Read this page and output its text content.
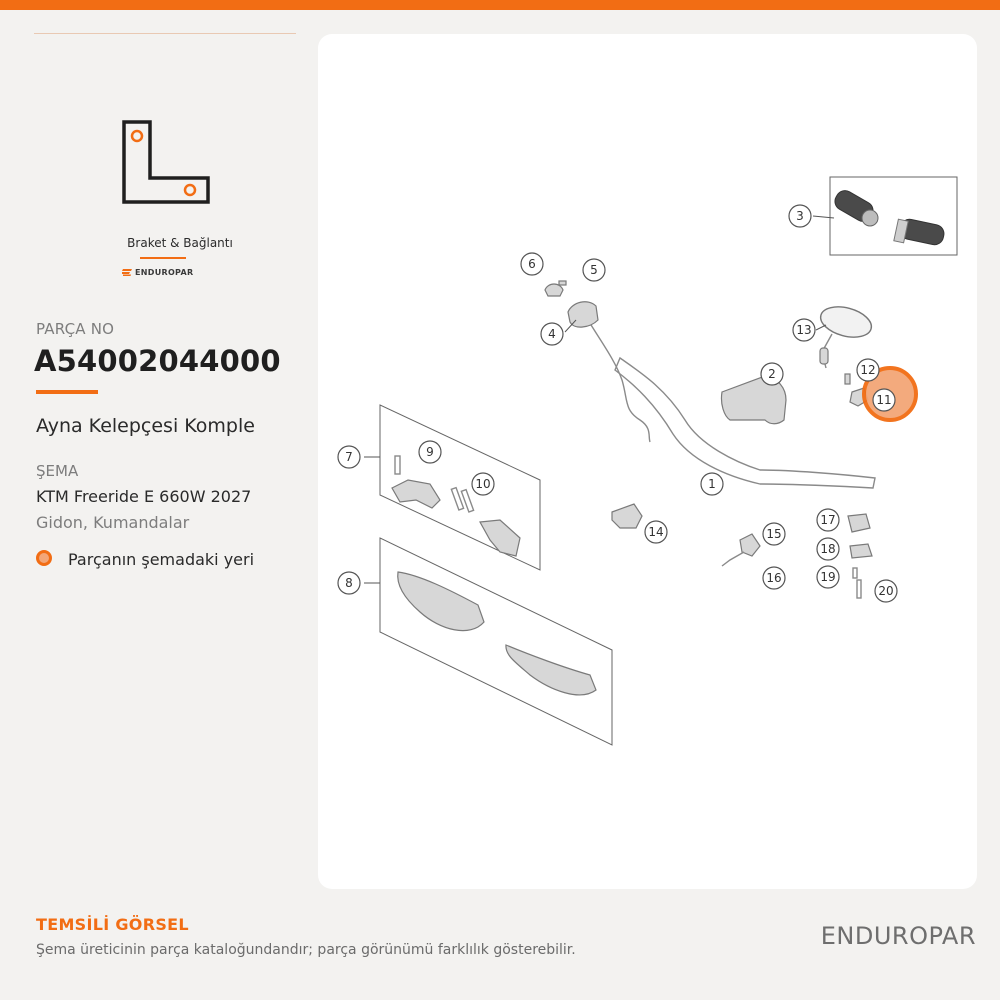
Braket & Bağlantı
ENDUROPAR
PARÇA NO
A54002044000
Ayna Kelepçesi Komple
ŞEMA
KTM Freeride E 660W 2027
Gidon, Kumandalar
Parçanın şemadaki yeri
1
2
3
4
5
6
7
8
9
10
11
12
13
14	15
16
17
18
19
20
TEMSİLİ GÖRSEL
Şema üreticinin parça kataloğundandır; parça görünümü farklılık gösterebilir.	ENDUROPAR
